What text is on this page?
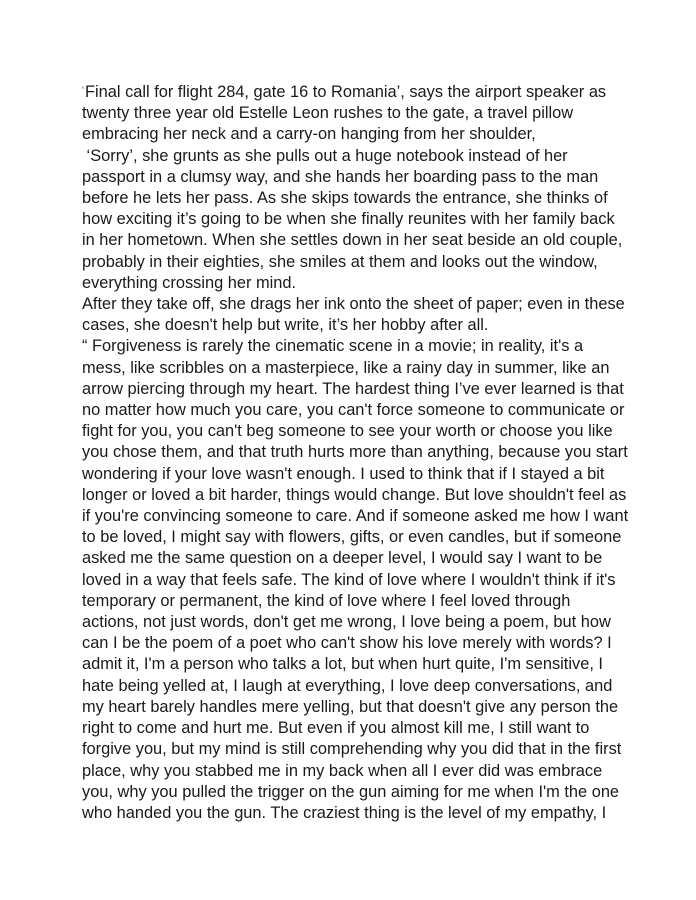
‘Final call for flight 284, gate 16 to Romania’, says the airport speaker as
twenty three year old Estelle Leon rushes to the gate, a travel pillow
embracing her neck and a carry-on hanging from her shoulder,
‘Sorry’, she grunts as she pulls out a huge notebook instead of her
passport in a clumsy way, and she hands her boarding pass to the man
before he lets her pass. As she skips towards the entrance, she thinks of
how exciting it’s going to be when she finally reunites with her family back
in her hometown. When she settles down in her seat beside an old couple,
probably in their eighties, she smiles at them and looks out the window,
everything crossing her mind.
After they take off, she drags her ink onto the sheet of paper; even in these
cases, she doesn't help but write, it’s her hobby after all.
“ Forgiveness is rarely the cinematic scene in a movie; in reality, it's a
mess, like scribbles on a masterpiece, like a rainy day in summer, like an
arrow piercing through my heart. The hardest thing I’ve ever learned is that
no matter how much you care, you can't force someone to communicate or
fight for you, you can't beg someone to see your worth or choose you like
you chose them, and that truth hurts more than anything, because you start
wondering if your love wasn't enough. I used to think that if I stayed a bit
longer or loved a bit harder, things would change. But love shouldn't feel as
if you're convincing someone to care. And if someone asked me how I want
to be loved, I might say with flowers, gifts, or even candles, but if someone
asked me the same question on a deeper level, I would say I want to be
loved in a way that feels safe. The kind of love where I wouldn't think if it's
temporary or permanent, the kind of love where I feel loved through
actions, not just words, don't get me wrong, I love being a poem, but how
can I be the poem of a poet who can't show his love merely with words? I
admit it, I'm a person who talks a lot, but when hurt quite, I'm sensitive, I
hate being yelled at, I laugh at everything, I love deep conversations, and
my heart barely handles mere yelling, but that doesn't give any person the
right to come and hurt me. But even if you almost kill me, I still want to
forgive you, but my mind is still comprehending why you did that in the first
place, why you stabbed me in my back when all I ever did was embrace
you, why you pulled the trigger on the gun aiming for me when I'm the one
who handed you the gun. The craziest thing is the level of my empathy, I
